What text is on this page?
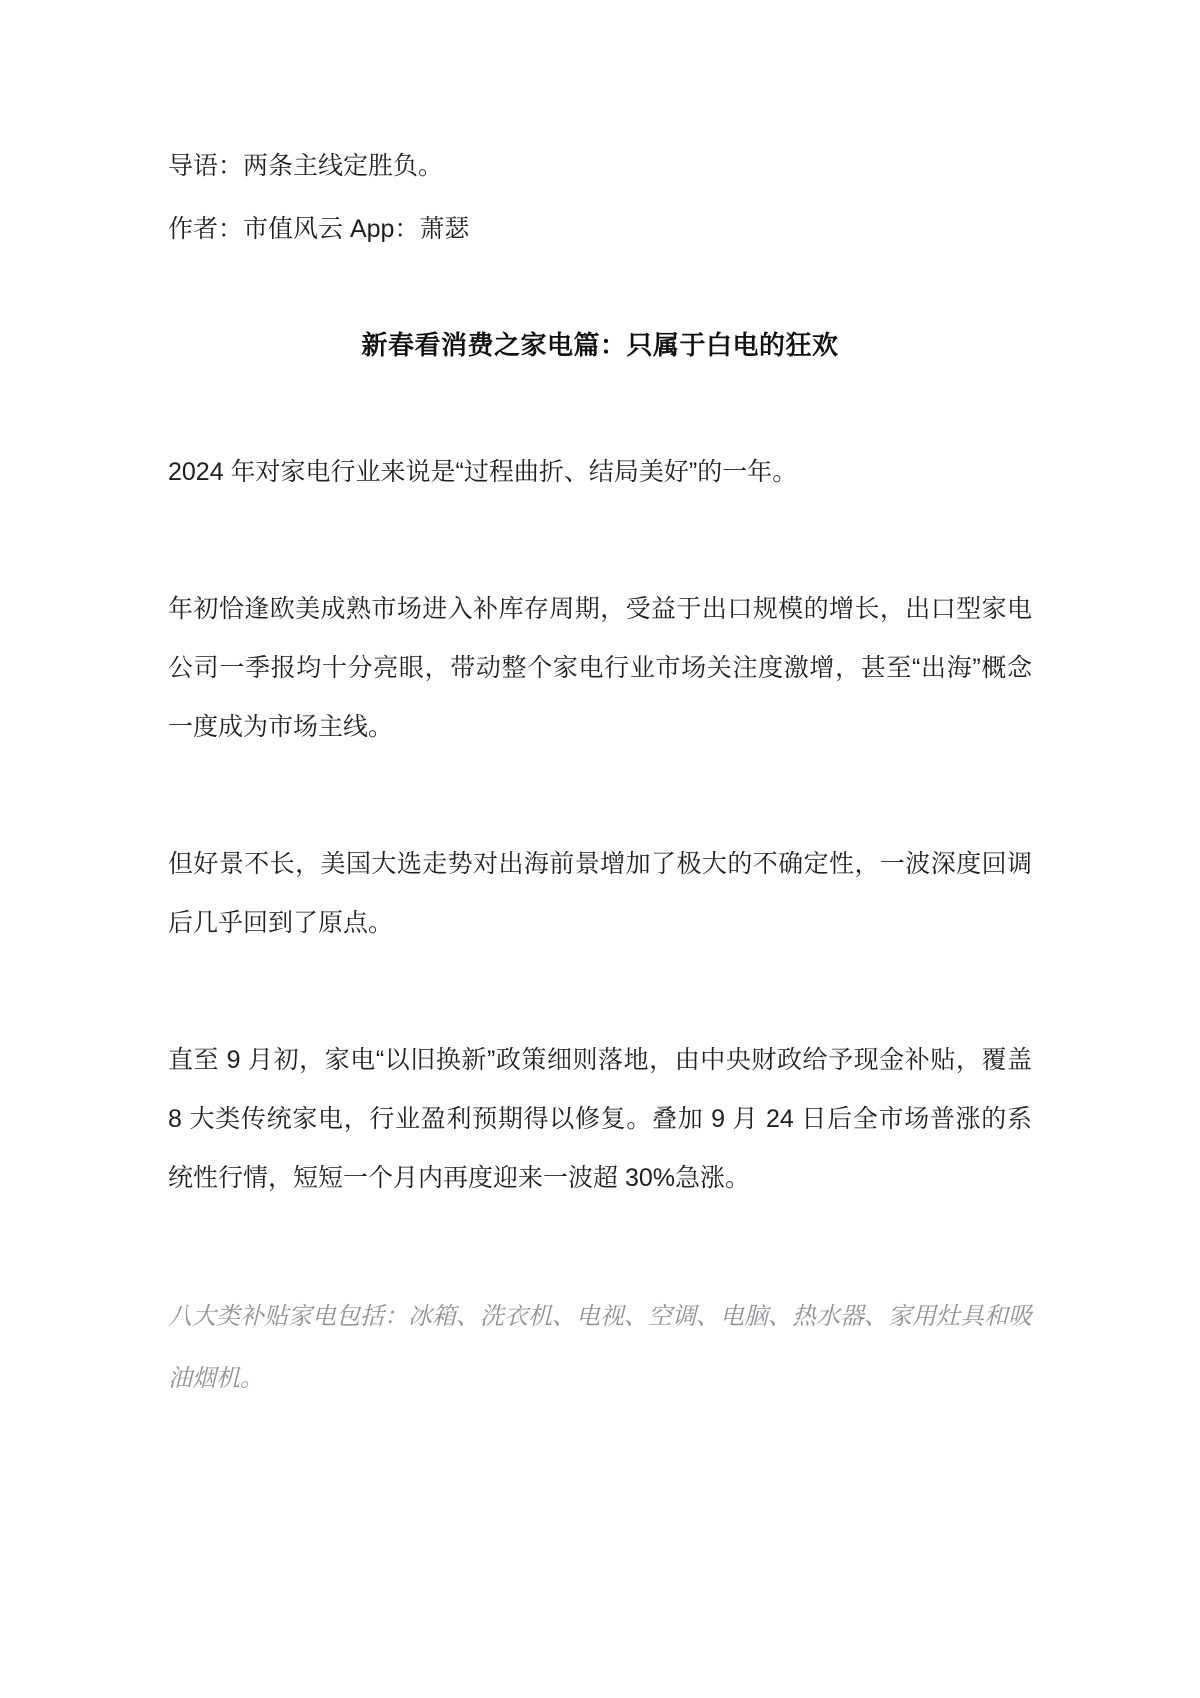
导语：两条主线定胜负。

作者：市值风云 App：萧瑟

新春看消费之家电篇：只属于白电的狂欢

2024 年对家电行业来说是“过程曲折、结局美好”的一年。

年初恰逢欧美成熟市场进入补库存周期，受益于出口规模的增长，出口型家电公司一季报均十分亮眼，带动整个家电行业市场关注度激增，甚至“出海”概念一度成为市场主线。

但好景不长，美国大选走势对出海前景增加了极大的不确定性，一波深度回调后几乎回到了原点。

直至 9 月初，家电“以旧换新”政策细则落地，由中央财政给予现金补贴，覆盖 8 大类传统家电，行业盈利预期得以修复。叠加 9 月 24 日后全市场普涨的系统性行情，短短一个月内再度迎来一波超 30%急涨。

八大类补贴家电包括：冰箱、洗衣机、电视、空调、电脑、热水器、家用灶具和吸油烟机。
